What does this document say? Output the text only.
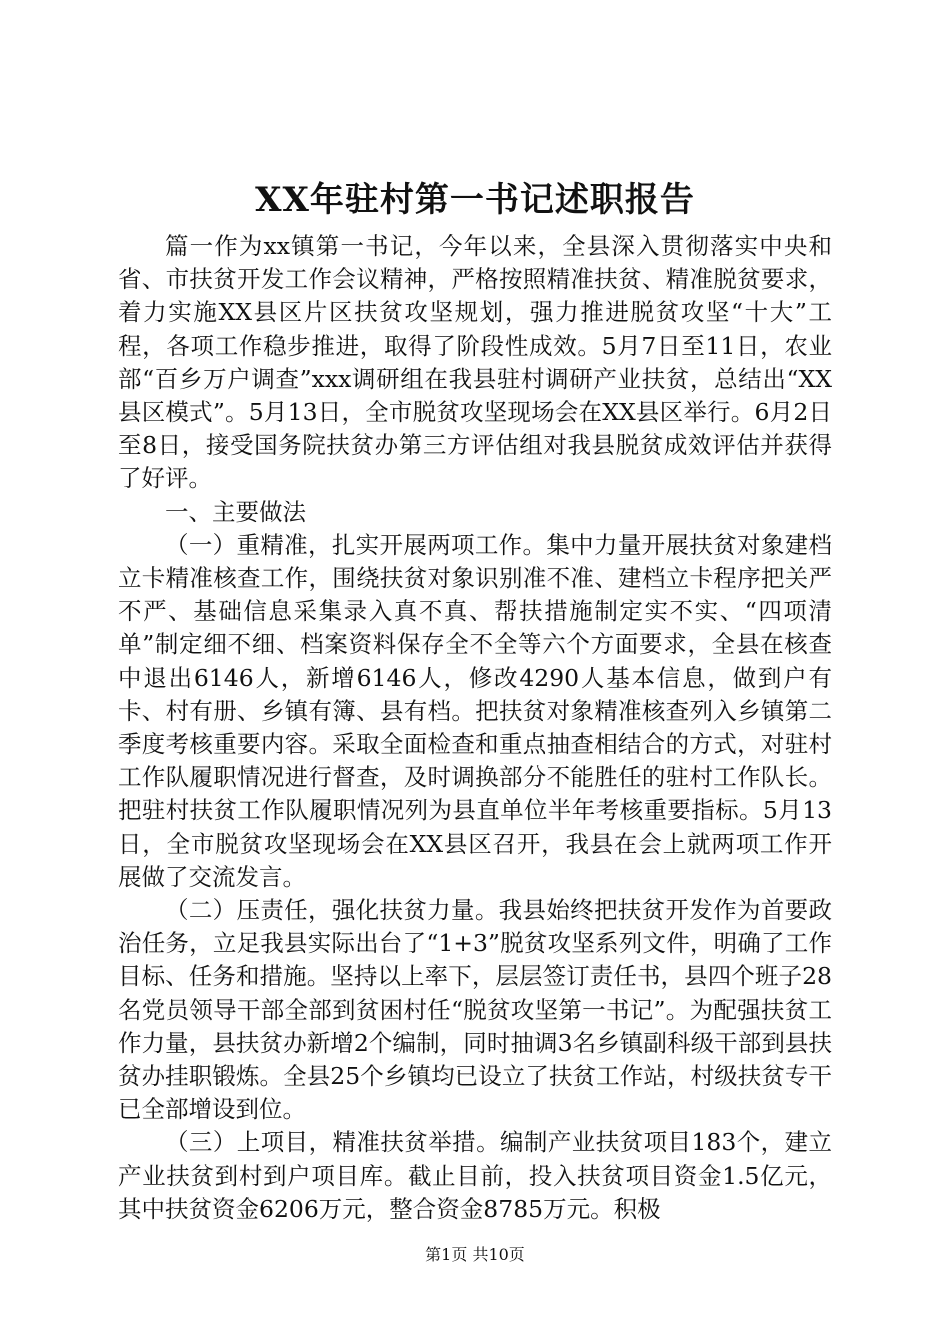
XX年驻村第一书记述职报告

篇一作为xx镇第一书记，今年以来，全县深入贯彻落实中央和省、市扶贫开发工作会议精神，严格按照精准扶贫、精准脱贫要求，着力实施XX县区片区扶贫攻坚规划，强力推进脱贫攻坚“十大”工程，各项工作稳步推进，取得了阶段性成效。5月7日至11日，农业部“百乡万户调查”xxx调研组在我县驻村调研产业扶贫，总结出“XX县区模式”。5月13日，全市脱贫攻坚现场会在XX县区举行。6月2日至8日，接受国务院扶贫办第三方评估组对我县脱贫成效评估并获得了好评。

一、主要做法

（一）重精准，扎实开展两项工作。集中力量开展扶贫对象建档立卡精准核查工作，围绕扶贫对象识别准不准、建档立卡程序把关严不严、基础信息采集录入真不真、帮扶措施制定实不实、“四项清单”制定细不细、档案资料保存全不全等六个方面要求，全县在核查中退出6146人，新增6146人，修改4290人基本信息，做到户有卡、村有册、乡镇有簿、县有档。把扶贫对象精准核查列入乡镇第二季度考核重要内容。采取全面检查和重点抽查相结合的方式，对驻村工作队履职情况进行督查，及时调换部分不能胜任的驻村工作队长。把驻村扶贫工作队履职情况列为县直单位半年考核重要指标。5月13日，全市脱贫攻坚现场会在XX县区召开，我县在会上就两项工作开展做了交流发言。

（二）压责任，强化扶贫力量。我县始终把扶贫开发作为首要政治任务，立足我县实际出台了“1+3”脱贫攻坚系列文件，明确了工作目标、任务和措施。坚持以上率下，层层签订责任书，县四个班子28名党员领导干部全部到贫困村任“脱贫攻坚第一书记”。为配强扶贫工作力量，县扶贫办新增2个编制，同时抽调3名乡镇副科级干部到县扶贫办挂职锻炼。全县25个乡镇均已设立了扶贫工作站，村级扶贫专干已全部增设到位。

（三）上项目，精准扶贫举措。编制产业扶贫项目183个，建立产业扶贫到村到户项目库。截止目前，投入扶贫项目资金1.5亿元，其中扶贫资金6206万元，整合资金8785万元。积极

第1页 共10页
